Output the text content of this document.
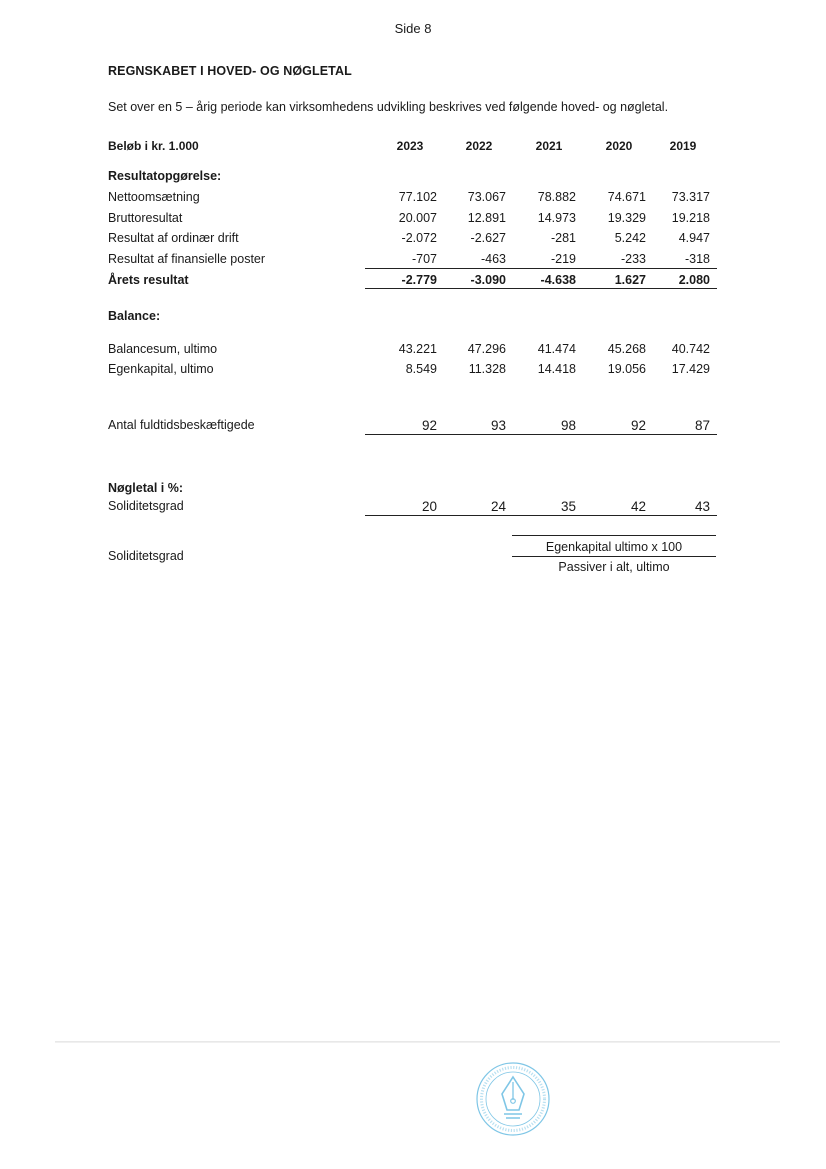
Side 8
REGNSKABET I HOVED- OG NØGLETAL
Set over en 5 – årig periode kan virksomhedens udvikling beskrives ved følgende hoved- og nøgletal.
Beløb i kr. 1.000	2023	2022	2021	2020	2019
Resultatopgørelse:
Nettoomsætning	77.102	73.067	78.882	74.671	73.317
Bruttoresultat	20.007	12.891	14.973	19.329	19.218
Resultat af ordinær drift	-2.072	-2.627	-281	5.242	4.947
Resultat af finansielle poster	-707	-463	-219	-233	-318
Årets resultat	-2.779	-3.090	-4.638	1.627	2.080
Balance:
Balancesum, ultimo	43.221	47.296	41.474	45.268	40.742
Egenkapital, ultimo	8.549	11.328	14.418	19.056	17.429
Antal fuldtidsbeskæftigede	92	93	98	92	87
Nøgletal i %:
Soliditetsgrad	20	24	35	42	43
Soliditetsgrad
Egenkapital ultimo x 100
Passiver i alt, ultimo
